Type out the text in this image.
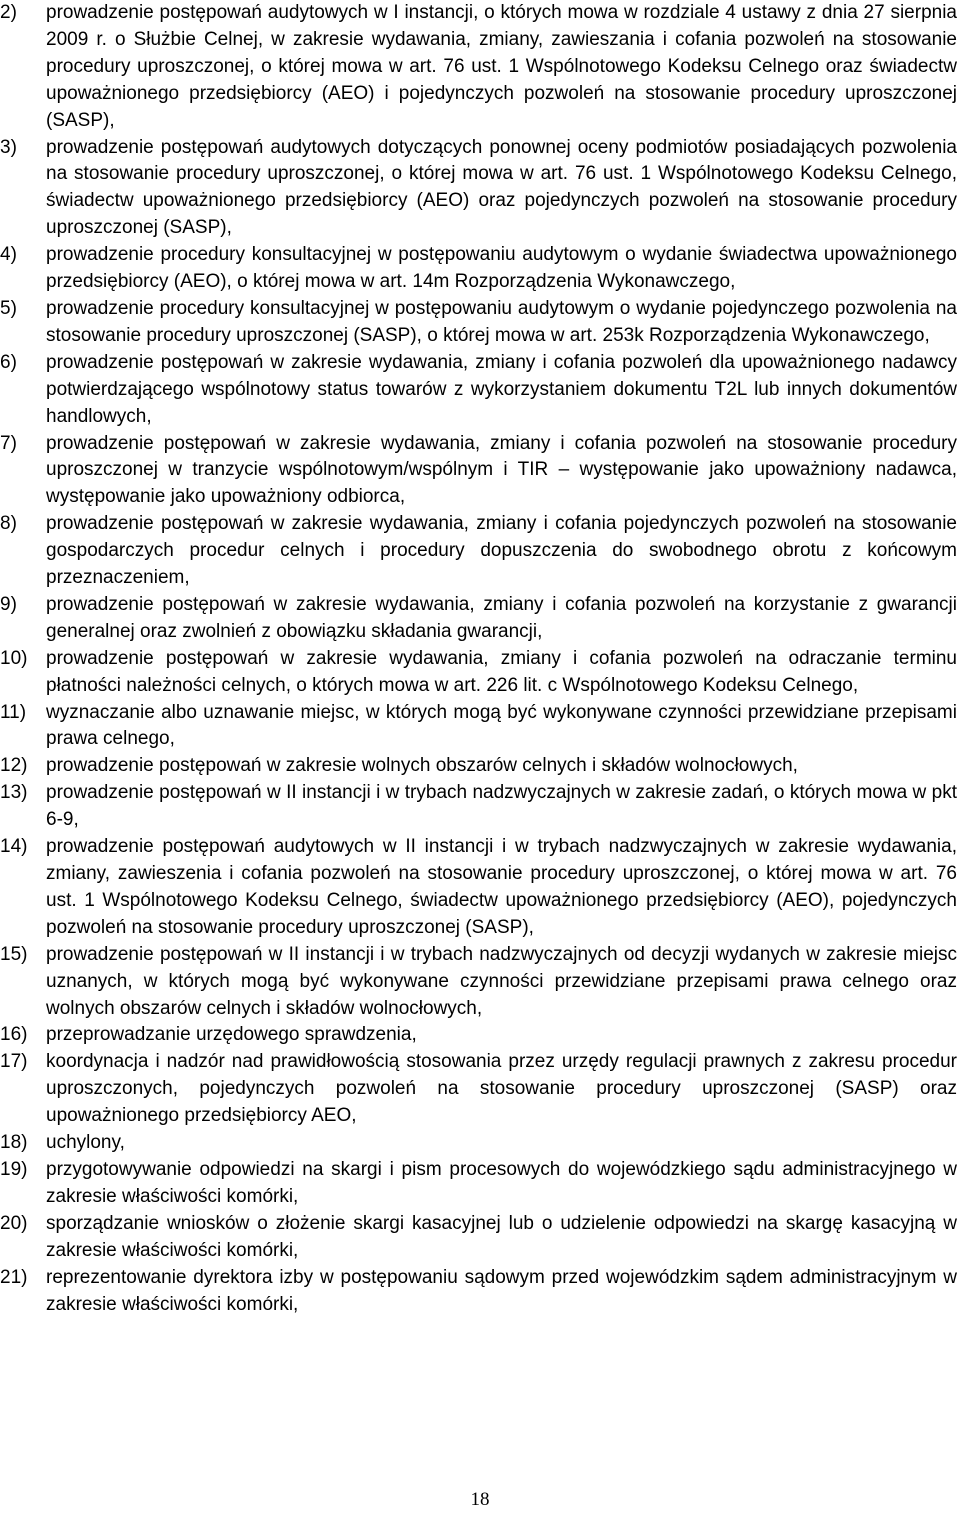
2)	prowadzenie postępowań audytowych w I instancji, o których mowa w rozdziale 4 ustawy z dnia 27 sierpnia 2009 r. o Służbie Celnej, w zakresie wydawania, zmiany, zawieszania i cofania pozwoleń na stosowanie procedury uproszczonej, o której mowa w art. 76 ust. 1 Wspólnotowego Kodeksu Celnego oraz świadectw upoważnionego przedsiębiorcy (AEO) i pojedynczych pozwoleń na stosowanie procedury uproszczonej (SASP),
3)	prowadzenie postępowań audytowych dotyczących ponownej oceny podmiotów posiadających pozwolenia na stosowanie procedury uproszczonej, o której mowa w art. 76 ust. 1 Wspólnotowego Kodeksu Celnego, świadectw upoważnionego przedsiębiorcy (AEO) oraz pojedynczych pozwoleń na stosowanie procedury uproszczonej (SASP),
4)	prowadzenie procedury konsultacyjnej w postępowaniu audytowym o wydanie świadectwa upoważnionego przedsiębiorcy (AEO), o której mowa w art. 14m Rozporządzenia Wykonawczego,
5)	prowadzenie procedury konsultacyjnej w postępowaniu audytowym o wydanie pojedynczego pozwolenia na stosowanie procedury uproszczonej (SASP), o której mowa w art. 253k Rozporządzenia Wykonawczego,
6)	prowadzenie postępowań w zakresie wydawania, zmiany i cofania pozwoleń dla upoważnionego nadawcy potwierdzającego wspólnotowy status towarów z wykorzystaniem dokumentu T2L lub innych dokumentów handlowych,
7)	prowadzenie postępowań w zakresie wydawania, zmiany i cofania pozwoleń na stosowanie procedury uproszczonej w tranzycie wspólnotowym/wspólnym i TIR – występowanie jako upoważniony nadawca, występowanie jako upoważniony odbiorca,
8)	prowadzenie postępowań w zakresie wydawania, zmiany i cofania pojedynczych pozwoleń na stosowanie gospodarczych procedur celnych i procedury dopuszczenia do swobodnego obrotu z końcowym przeznaczeniem,
9)	prowadzenie postępowań w zakresie wydawania, zmiany i cofania pozwoleń na korzystanie z gwarancji generalnej oraz zwolnień z obowiązku składania gwarancji,
10) prowadzenie postępowań w zakresie wydawania, zmiany i cofania pozwoleń na odraczanie terminu płatności należności celnych, o których mowa w art. 226 lit. c Wspólnotowego Kodeksu Celnego,
11)	wyznaczanie albo uznawanie miejsc, w których mogą być wykonywane czynności przewidziane przepisami prawa celnego,
12) prowadzenie postępowań w zakresie wolnych obszarów celnych i składów wolnocłowych,
13) prowadzenie postępowań w II instancji i w trybach nadzwyczajnych w zakresie zadań, o których mowa w pkt 6-9,
14) prowadzenie postępowań audytowych w II instancji i w trybach nadzwyczajnych w zakresie wydawania, zmiany, zawieszenia i cofania pozwoleń na stosowanie procedury uproszczonej, o której mowa w art. 76 ust. 1 Wspólnotowego Kodeksu Celnego, świadectw upoważnionego przedsiębiorcy (AEO), pojedynczych pozwoleń na stosowanie procedury uproszczonej (SASP),
15) prowadzenie postępowań w II instancji i w trybach nadzwyczajnych od decyzji wydanych w zakresie miejsc uznanych, w których mogą być wykonywane czynności przewidziane przepisami prawa celnego oraz wolnych obszarów celnych i składów wolnocłowych,
16) przeprowadzanie urzędowego sprawdzenia,
17) koordynacja i nadzór nad prawidłowością stosowania przez urzędy regulacji prawnych z zakresu procedur uproszczonych, pojedynczych pozwoleń na stosowanie procedury uproszczonej (SASP) oraz upoważnionego przedsiębiorcy AEO,
18) uchylony,
19) przygotowywanie odpowiedzi na skargi i pism procesowych do wojewódzkiego sądu administracyjnego w zakresie właściwości komórki,
20) sporządzanie wniosków o złożenie skargi kasacyjnej lub o udzielenie odpowiedzi na skargę kasacyjną w zakresie właściwości komórki,
21) reprezentowanie dyrektora izby w postępowaniu sądowym przed wojewódzkim sądem administracyjnym w zakresie właściwości komórki,
18
